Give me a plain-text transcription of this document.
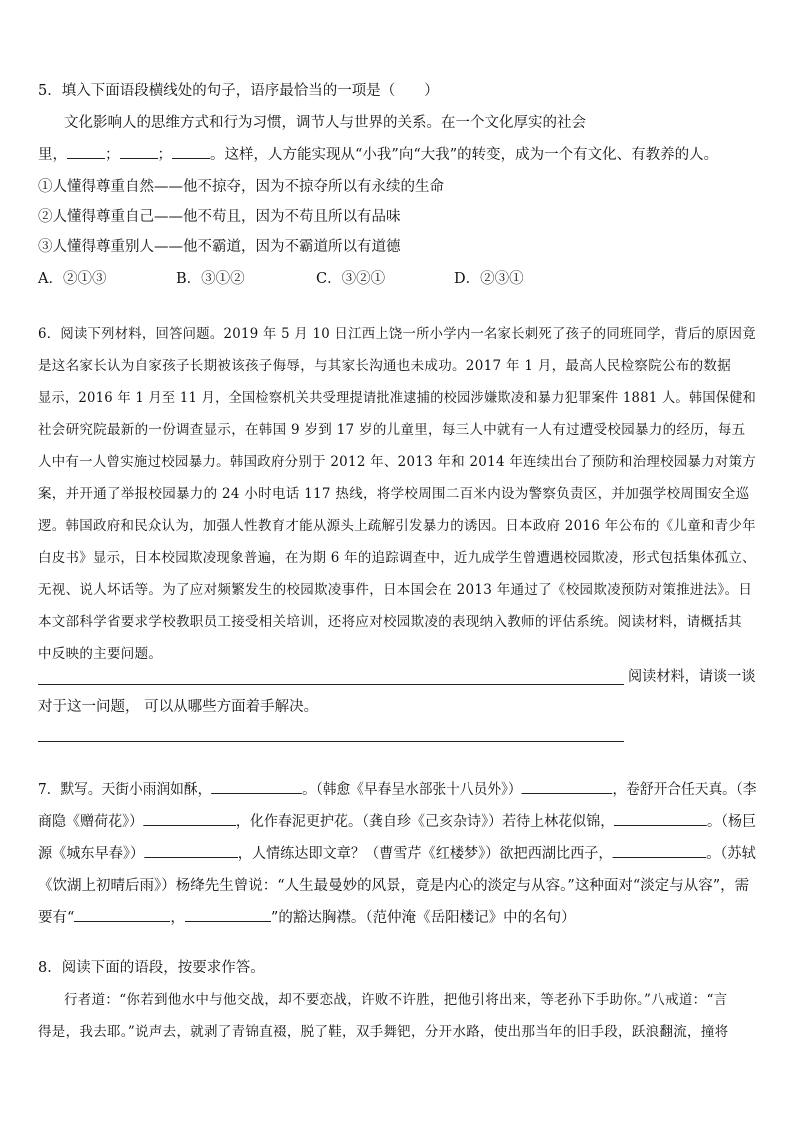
5．填入下面语段横线处的句子，语序最恰当的一项是（　　）
文化影响人的思维方式和行为习惯，调节人与世界的关系。在一个文化厚实的社会
里，	；	；	。这样，人方能实现从“小我”向“大我”的转变，成为一个有文化、有教养的人。
①人懂得尊重自然——他不掠夺，因为不掠夺所以有永续的生命
②人懂得尊重自己——他不苟且，因为不苟且所以有品味
③人懂得尊重别人——他不霸道，因为不霸道所以有道德
A．②①③	B．③①②	C．③②①	D．②③①
6．阅读下列材料，回答问题。2019 年 5 月 10 日江西上饶一所小学内一名家长刺死了孩子的同班同学，背后的原因竟
是这名家长认为自家孩子长期被该孩子侮辱，与其家长沟通也未成功。2017 年 1 月，最高人民检察院公布的数据
显示，2016 年 1 月至 11 月，全国检察机关共受理提请批准逮捕的校园涉嫌欺凌和暴力犯罪案件 1881 人。韩国保健和
社会研究院最新的一份调查显示，在韩国 9 岁到 17 岁的儿童里，每三人中就有一人有过遭受校园暴力的经历，每五
人中有一人曾实施过校园暴力。韩国政府分别于 2012 年、2013 年和 2014 年连续出台了预防和治理校园暴力对策方
案，并开通了举报校园暴力的 24 小时电话 117 热线，将学校周围二百米内设为警察负责区，并加强学校周围安全巡
逻。韩国政府和民众认为，加强人性教育才能从源头上疏解引发暴力的诱因。日本政府 2016 年公布的《儿童和青少年
白皮书》显示，日本校园欺凌现象普遍，在为期 6 年的追踪调查中，近九成学生曾遭遇校园欺凌，形式包括集体孤立、
无视、说人坏话等。为了应对频繁发生的校园欺凌事件，日本国会在 2013 年通过了《校园欺凌预防对策推进法》。日
本文部科学省要求学校教职员工接受相关培训，还将应对校园欺凌的表现纳入教师的评估系统。阅读材料，请概括其
中反映的主要问题。
阅读材料，请谈一谈
对于这一问题， 可以从哪些方面着手解决。
7．默写。天街小雨润如酥，	。（韩愈《早春呈水部张十八员外》）	，卷舒开合任天真。（李
商隐《赠荷花》）	，化作春泥更护花。（龚自珍《己亥杂诗》）若待上林花似锦，	。（杨巨
源《城东早春》）	，人情练达即文章？（曹雪芹《红楼梦》）欲把西湖比西子，	。（苏轼
《饮湖上初晴后雨》）杨绛先生曾说：“人生最曼妙的风景，竟是内心的淡定与从容。”这种面对“淡定与从容”，需
要有“	，	”的豁达胸襟。（范仲淹《岳阳楼记》中的名句）
8．阅读下面的语段，按要求作答。
行者道：“你若到他水中与他交战，却不要恋战，许败不许胜，把他引将出来，等老孙下手助你。”八戒道：“言
得是，我去耶。”说声去，就剥了青锦直裰，脱了鞋，双手舞钯，分开水路，使出那当年的旧手段，跃浪翻流，撞将
